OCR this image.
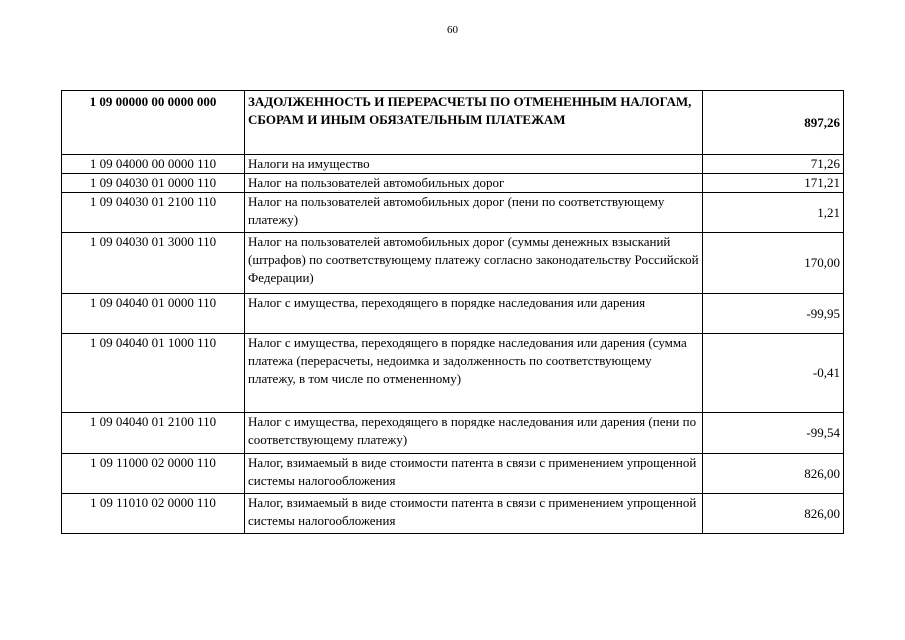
60
1 09 00000 00 0000 000	ЗАДОЛЖЕННОСТЬ И ПЕРЕРАСЧЕТЫ ПО ОТМЕНЕННЫМ НАЛОГАМ, СБОРАМ И ИНЫМ ОБЯЗАТЕЛЬНЫМ ПЛАТЕЖАМ	897,26
1 09 04000 00 0000 110	Налоги на имущество	71,26
1 09 04030 01 0000 110	Налог на пользователей автомобильных дорог	171,21
1 09 04030 01 2100 110	Налог на пользователей автомобильных дорог (пени по соответствующему платежу)	1,21
1 09 04030 01 3000 110	Налог на пользователей автомобильных дорог (суммы денежных взысканий (штрафов) по соответствующему платежу согласно законодательству Российской Федерации)	170,00
1 09 04040 01 0000 110	Налог с имущества, переходящего в порядке наследования или дарения	-99,95
1 09 04040 01 1000 110	Налог с имущества, переходящего в порядке наследования или дарения (сумма платежа (перерасчеты, недоимка и задолженность по соответствующему платежу, в том числе по отмененному)	-0,41
1 09 04040 01 2100 110	Налог с имущества, переходящего в порядке наследования или дарения (пени по соответствующему платежу)	-99,54
1 09 11000 02 0000 110	Налог, взимаемый в виде стоимости патента в связи с применением упрощенной системы налогообложения	826,00
1 09 11010 02 0000 110	Налог, взимаемый в виде стоимости патента в связи с применением упрощенной системы налогообложения	826,00
